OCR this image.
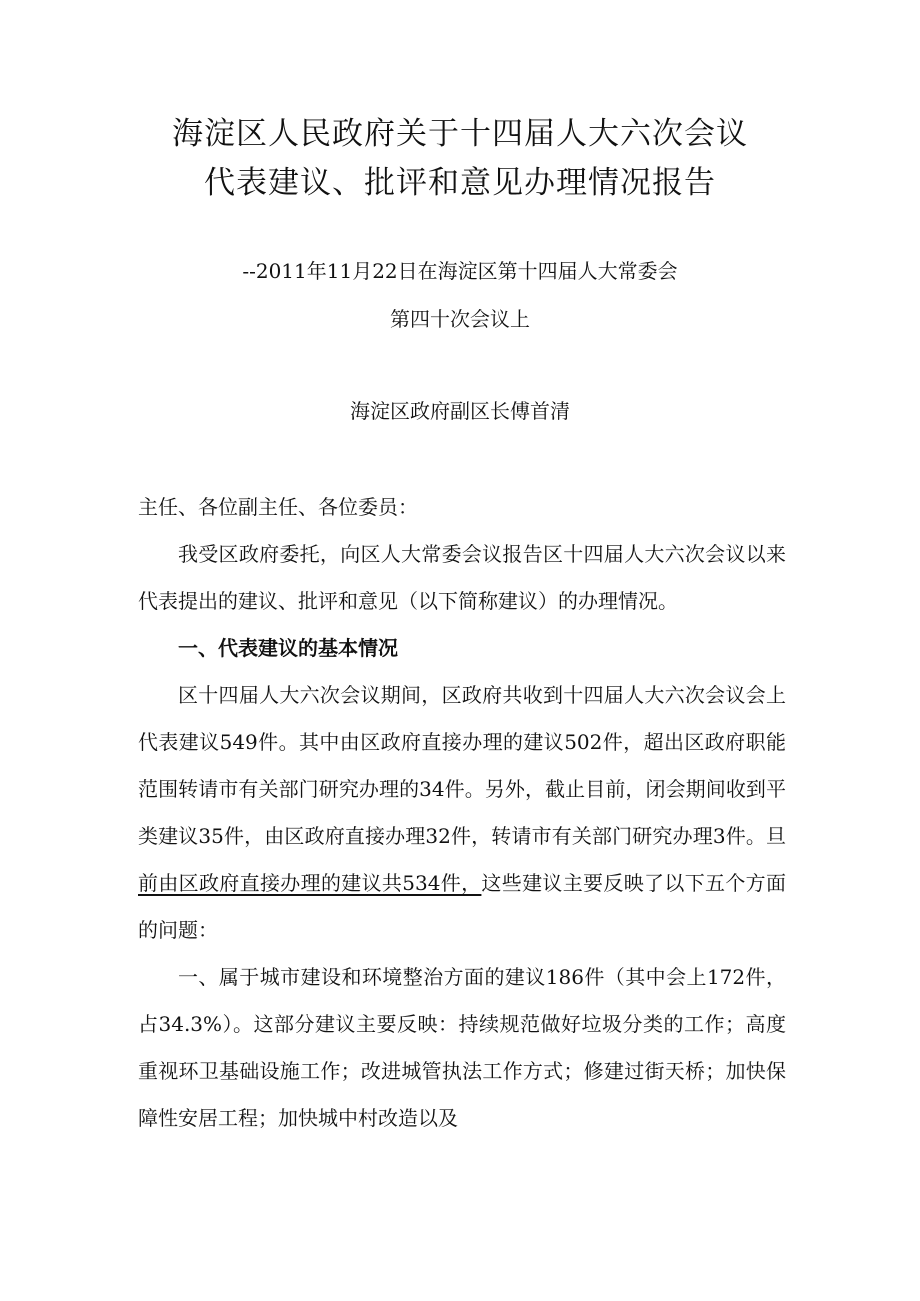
海淀区人民政府关于十四届人大六次会议
代表建议、批评和意见办理情况报告

--2011年11月22日在海淀区第十四届人大常委会

第四十次会议上

海淀区政府副区长傅首清

主任、各位副主任、各位委员：

我受区政府委托，向区人大常委会议报告区十四届人大六次会议以来代表提出的建议、批评和意见（以下简称建议）的办理情况。

一、代表建议的基本情况

区十四届人大六次会议期间，区政府共收到十四届人大六次会议会上代表建议549件。其中由区政府直接办理的建议502件，超出区政府职能范围转请市有关部门研究办理的34件。另外，截止目前，闭会期间收到平类建议35件，由区政府直接办理32件，转请市有关部门研究办理3件。旦前由区政府直接办理的建议共534件，这些建议主要反映了以下五个方面的问题：

一、属于城市建设和环境整治方面的建议186件（其中会上172件，占34.3%）。这部分建议主要反映：持续规范做好垃圾分类的工作；高度重视环卫基础设施工作；改进城管执法工作方式；修建过街天桥；加快保障性安居工程；加快城中村改造以及
